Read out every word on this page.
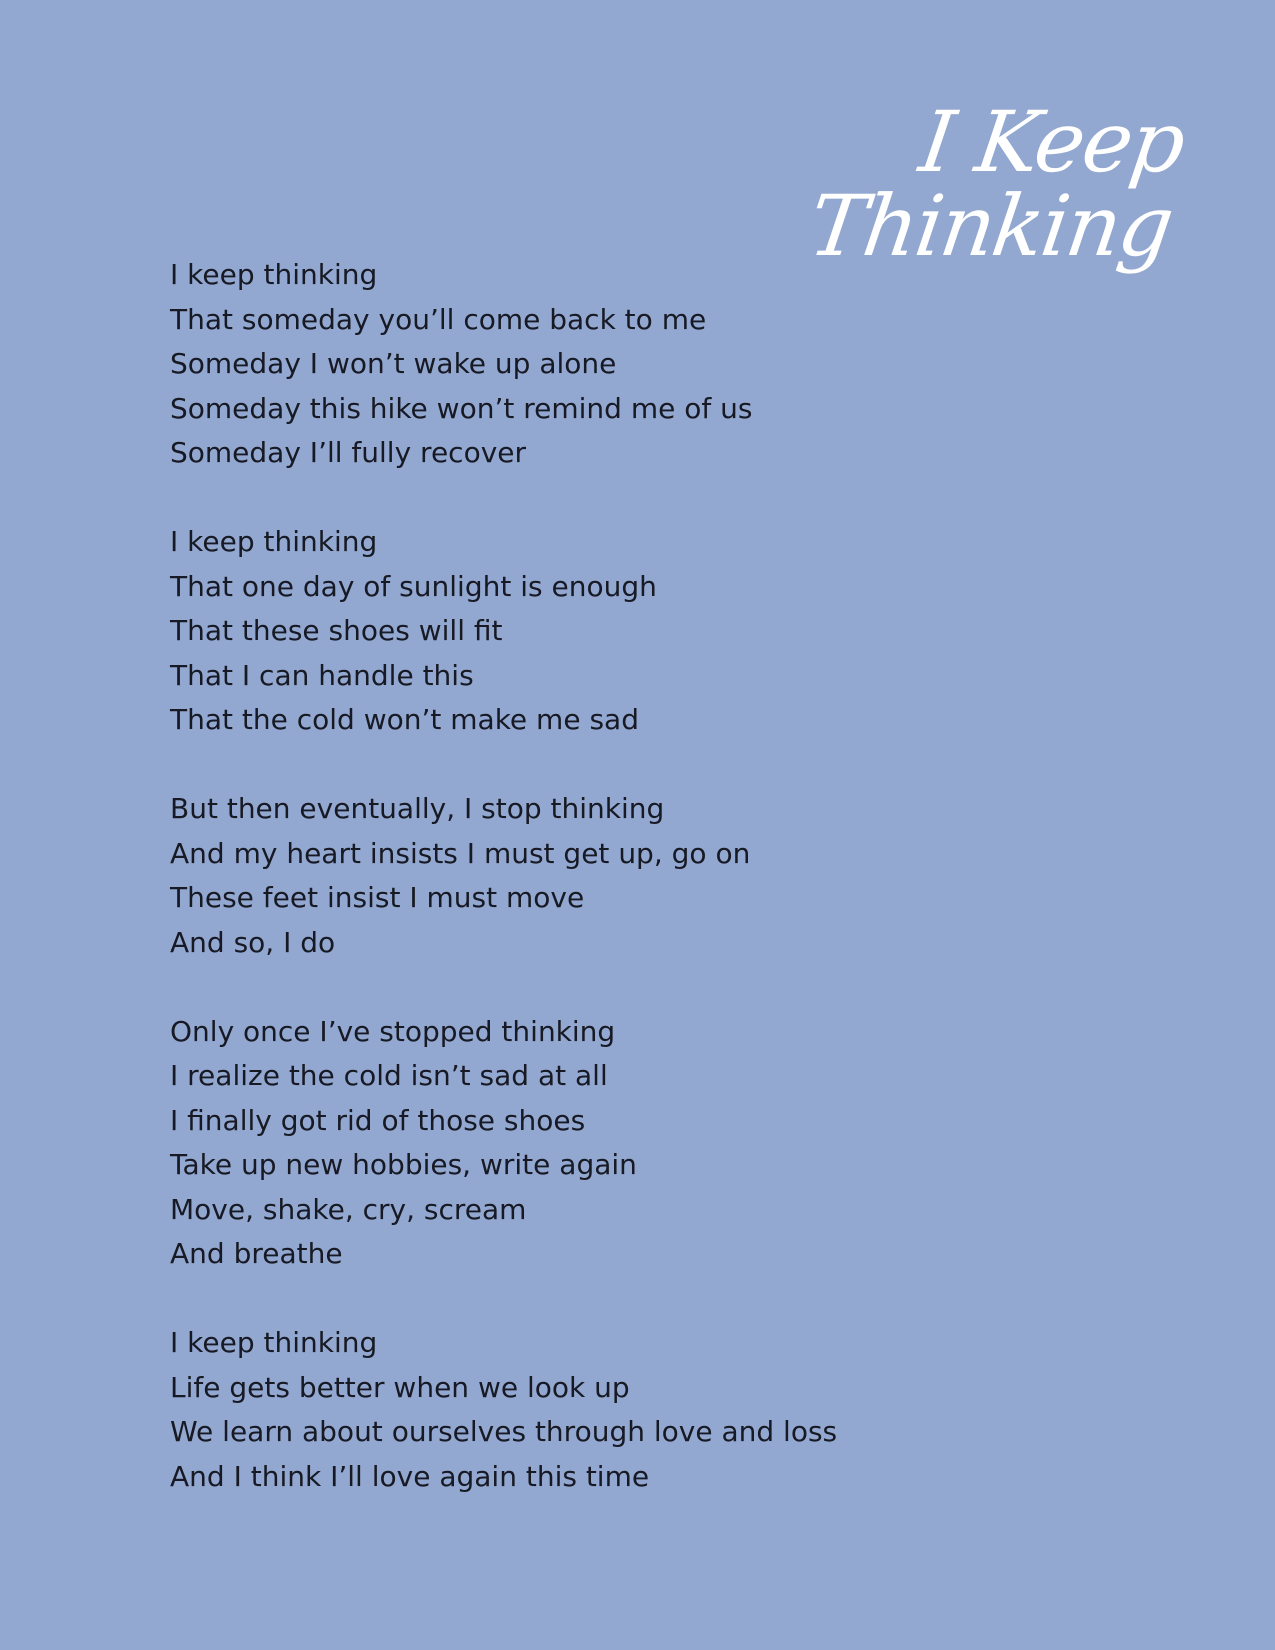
I Keep Thinking
I keep thinking
That someday you’ll come back to me
Someday I won’t wake up alone
Someday this hike won’t remind me of us
Someday I’ll fully recover
I keep thinking
That one day of sunlight is enough
That these shoes will fit
That I can handle this
That the cold won’t make me sad
But then eventually, I stop thinking
And my heart insists I must get up, go on
These feet insist I must move
And so, I do
Only once I’ve stopped thinking
I realize the cold isn’t sad at all
I finally got rid of those shoes
Take up new hobbies, write again
Move, shake, cry, scream
And breathe
I keep thinking
Life gets better when we look up
We learn about ourselves through love and loss
And I think I’ll love again this time
